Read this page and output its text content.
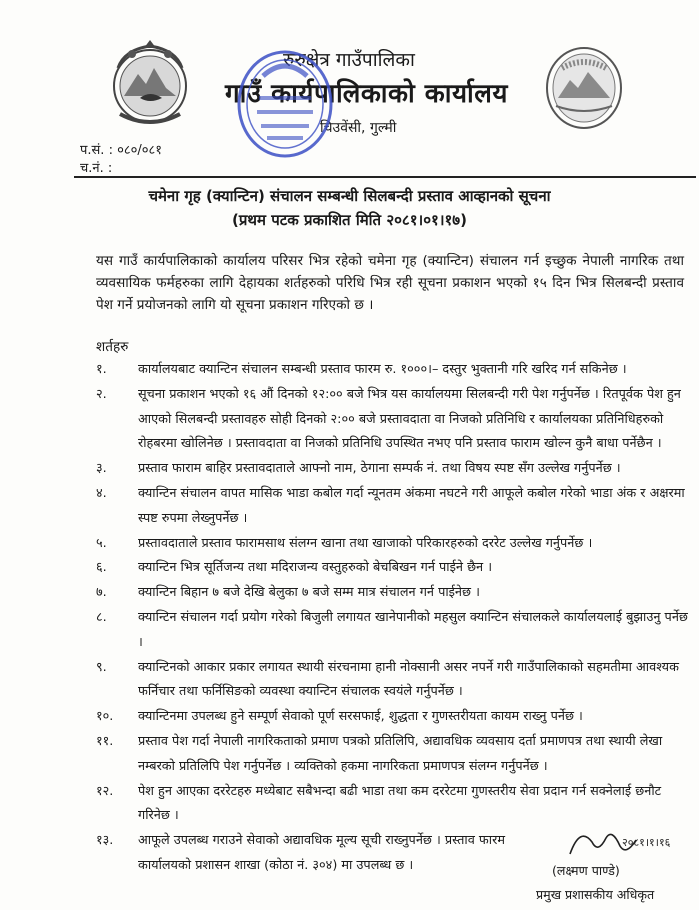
रुरुक्षेत्र गाउँपालिका
गाउँ कार्यपालिकाको कार्यालय
चिउवेंसी, गुल्मी
प.सं. : ०८०/०८१
च.नं. :
चमेना गृह (क्यान्टिन) संचालन सम्बन्धी सिलबन्दी प्रस्ताव आव्हानको सूचना
(प्रथम पटक प्रकाशित मिति २०८१।०१।१७)
यस गाउँ कार्यपालिकाको कार्यालय परिसर भित्र रहेको चमेना गृह (क्यान्टिन) संचालन गर्न इच्छुक नेपाली नागरिक तथा व्यवसायिक फर्महरुका लागि देहायका शर्तहरुको परिधि भित्र रही सूचना प्रकाशन भएको १५ दिन भित्र सिलबन्दी प्रस्ताव पेश गर्ने प्रयोजनको लागि यो सूचना प्रकाशन गरिएको छ ।
शर्तहरु
१.	कार्यालयबाट क्यान्टिन संचालन सम्बन्धी प्रस्ताव फारम रु. १०००।– दस्तुर भुक्तानी गरि खरिद गर्न सकिनेछ ।
२.	सूचना प्रकाशन भएको १६ औं दिनको १२:०० बजे भित्र यस कार्यालयमा सिलबन्दी गरी पेश गर्नुपर्नेछ । रितपूर्वक पेश हुन आएको सिलबन्दी प्रस्तावहरु सोही दिनको २:०० बजे प्रस्तावदाता वा निजको प्रतिनिधि र कार्यालयका प्रतिनिधिहरुको रोहबरमा खोलिनेछ । प्रस्तावदाता वा निजको प्रतिनिधि उपस्थित नभए पनि प्रस्ताव फाराम खोल्न कुनै बाधा पर्नेछैन ।
३.	प्रस्ताव फाराम बाहिर प्रस्तावदाताले आफ्नो नाम, ठेगाना सम्पर्क नं. तथा विषय स्पष्ट सँग उल्लेख गर्नुपर्नेछ ।
४.	क्यान्टिन संचालन वापत मासिक भाडा कबोल गर्दा न्यूनतम अंकमा नघटने गरी आफूले कबोल गरेको भाडा अंक र अक्षरमा स्पष्ट रुपमा लेख्नुपर्नेछ ।
५.	प्रस्तावदाताले प्रस्ताव फारामसाथ संलग्न खाना तथा खाजाको परिकारहरुको दररेट उल्लेख गर्नुपर्नेछ ।
६.	क्यान्टिन भित्र सूर्तिजन्य तथा मदिराजन्य वस्तुहरुको बेचबिखन गर्न पाईने छैन ।
७.	क्यान्टिन बिहान ७ बजे देखि बेलुका ७ बजे सम्म मात्र संचालन गर्न पाईनेछ ।
८.	क्यान्टिन संचालन गर्दा प्रयोग गरेको बिजुली लगायत खानेपानीको महसुल क्यान्टिन संचालकले कार्यालयलाई बुझाउनु पर्नेछ ।
९.	क्यान्टिनको आकार प्रकार लगायत स्थायी संरचनामा हानी नोक्सानी असर नपर्ने गरी गाउँपालिकाको सहमतीमा आवश्यक फर्निचार तथा फर्निसिङको व्यवस्था क्यान्टिन संचालक स्वयंले गर्नुपर्नेछ ।
१०.	क्यान्टिनमा उपलब्ध हुने सम्पूर्ण सेवाको पूर्ण सरसफाई, शुद्धता र गुणस्तरीयता कायम राख्नु पर्नेछ ।
११.	प्रस्ताव पेश गर्दा नेपाली नागरिकताको प्रमाण पत्रको प्रतिलिपि, अद्यावधिक व्यवसाय दर्ता प्रमाणपत्र तथा स्थायी लेखा नम्बरको प्रतिलिपि पेश गर्नुपर्नेछ । व्यक्तिको हकमा नागरिकता प्रमाणपत्र संलग्न गर्नुपर्नेछ ।
१२.	पेश हुन आएका दररेटहरु मध्येबाट सबैभन्दा बढी भाडा तथा कम दररेटमा गुणस्तरीय सेवा प्रदान गर्न सक्नेलाई छनौट गरिनेछ ।
१३.	आफूले उपलब्ध गराउने सेवाको अद्यावधिक मूल्य सूची राख्नुपर्नेछ । प्रस्ताव फारम कार्यालयको प्रशासन शाखा (कोठा नं. ३०४) मा उपलब्ध छ ।
२०८१।१।१६
(लक्ष्मण पाण्डे)
प्रमुख प्रशासकीय अधिकृत
